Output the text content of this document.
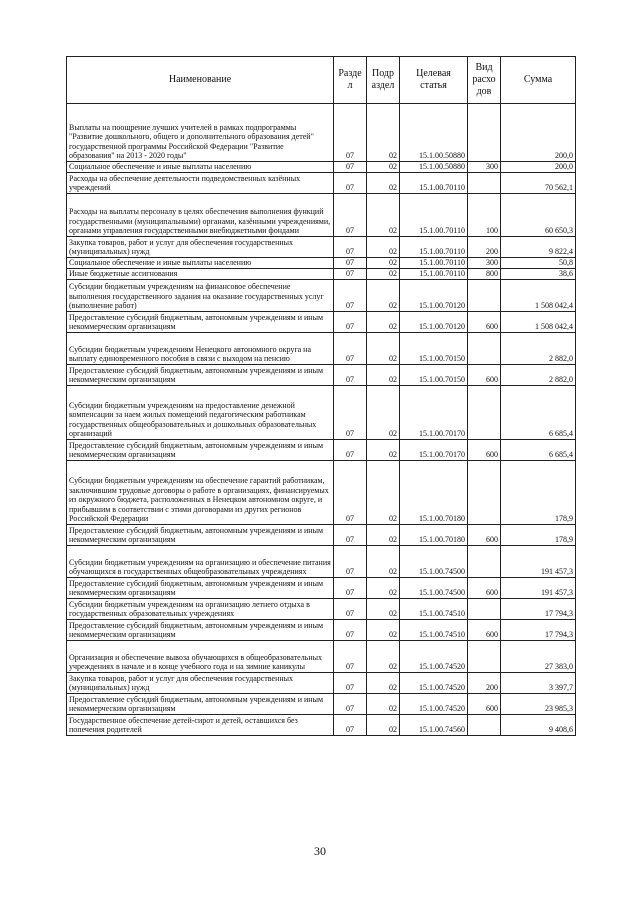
Наименование	Разде л	Подр аздел	Целевая статья	Вид расхо дов	Сумма
Выплаты на поощрение лучших учителей в рамках подпрограммы "Развитие дошкольного, общего и дополнительного образования детей" государственной программы Российской Федерации "Развитие образования" на 2013 - 2020 годы"	07	02	15.1.00.50880		200,0
Социальное обеспечение и иные выплаты населению	07	02	15.1.00.50880	300	200,0
Расходы на обеспечение деятельности подведомственных казённых учреждений	07	02	15.1.00.70110		70 562,1
Расходы на выплаты персоналу в целях обеспечения выполнения функций государственными (муниципальными) органами, казёнными учреждениями, органами управления государственными внебюджетными фондами	07	02	15.1.00.70110	100	60 650,3
Закупка товаров, работ и услуг для обеспечения государственных (муниципальных) нужд	07	02	15.1.00.70110	200	9 822,4
Социальное обеспечение и иные выплаты населению	07	02	15.1.00.70110	300	50,8
Иные бюджетные ассигнования	07	02	15.1.00.70110	800	38,6
Субсидии бюджетным учреждениям на финансовое обеспечение выполнения государственного задания на оказание государственных услуг (выполнение работ)	07	02	15.1.00.70120		1 508 042,4
Предоставление субсидий бюджетным, автономным учреждениям и иным некоммерческим организациям	07	02	15.1.00.70120	600	1 508 042,4
Субсидии бюджетным учреждениям Ненецкого автономного округа на выплату единовременного пособия в связи с выходом на пенсию	07	02	15.1.00.70150		2 882,0
Предоставление субсидий бюджетным, автономным учреждениям и иным некоммерческим организациям	07	02	15.1.00.70150	600	2 882,0
Субсидии бюджетным учреждениям на предоставление денежной компенсации за наем жилых помещений педагогическим работникам государственных общеобразовательных и дошкольных образовательных организаций	07	02	15.1.00.70170		6 685,4
Предоставление субсидий бюджетным, автономным учреждениям и иным некоммерческим организациям	07	02	15.1.00.70170	600	6 685,4
Субсидии бюджетным учреждениям на обеспечение гарантий работникам, заключившим трудовые договоры о работе в организациях, финансируемых из окружного бюджета, расположенных в Ненецком автономном округе, и прибывшим в соответствии с этими договорами из других регионов Российской Федерации	07	02	15.1.00.70180		178,9
Предоставление субсидий бюджетным, автономным учреждениям и иным некоммерческим организациям	07	02	15.1.00.70180	600	178,9
Субсидии бюджетным учреждениям на организацию и обеспечение питания обучающихся в государственных общеобразовательных учреждениях	07	02	15.1.00.74500		191 457,3
Предоставление субсидий бюджетным, автономным учреждениям и иным некоммерческим организациям	07	02	15.1.00.74500	600	191 457,3
Субсидии бюджетным учреждениям на организацию летнего отдыха в государственных образовательных учреждениях	07	02	15.1.00.74510		17 794,3
Предоставление субсидий бюджетным, автономным учреждениям и иным некоммерческим организациям	07	02	15.1.00.74510	600	17 794,3
Организация и обеспечение вывоза обучающихся в общеобразовательных учреждениях в начале и в конце учебного года и на зимние каникулы	07	02	15.1.00.74520		27 383,0
Закупка товаров, работ и услуг для обеспечения государственных (муниципальных) нужд	07	02	15.1.00.74520	200	3 397,7
Предоставление субсидий бюджетным, автономным учреждениям и иным некоммерческим организациям	07	02	15.1.00.74520	600	23 985,3
Государственное обеспечение детей-сирот и детей, оставшихся без попечения родителей	07	02	15.1.00.74560		9 408,6
30
